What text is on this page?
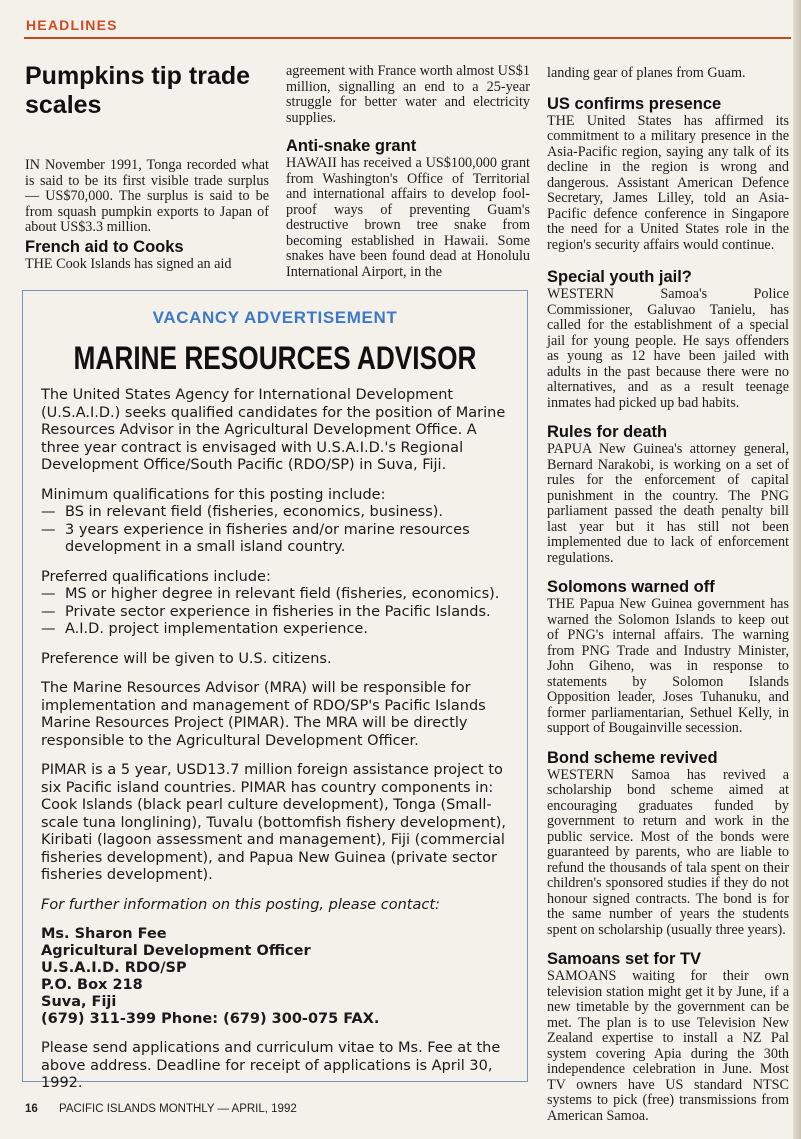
HEADLINES
Pumpkins tip trade scales

IN November 1991, Tonga recorded what is said to be its first visible trade surplus — US$70,000. The surplus is said to be from squash pumpkin exports to Japan of about US$3.3 million.

French aid to Cooks

THE Cook Islands has signed an aid

agreement with France worth almost US$1 million, signalling an end to a 25-year struggle for better water and electricity supplies.

Anti-snake grant

HAWAII has received a US$100,000 grant from Washington's Office of Territorial and international affairs to develop fool-proof ways of preventing Guam's destructive brown tree snake from becoming established in Hawaii. Some snakes have been found dead at Honolulu International Airport, in the

landing gear of planes from Guam.

US confirms presence

THE United States has affirmed its commitment to a military presence in the Asia-Pacific region, saying any talk of its decline in the region is wrong and dangerous. Assistant American Defence Secretary, James Lilley, told an Asia-Pacific defence conference in Singapore the need for a United States role in the region's security affairs would continue.

Special youth jail?

WESTERN Samoa's Police Commissioner, Galuvao Tanielu, has called for the establishment of a special jail for young people. He says offenders as young as 12 have been jailed with adults in the past because there were no alternatives, and as a result teenage inmates had picked up bad habits.

Rules for death

PAPUA New Guinea's attorney general, Bernard Narakobi, is working on a set of rules for the enforcement of capital punishment in the country. The PNG parliament passed the death penalty bill last year but it has still not been implemented due to lack of enforcement regulations.

Solomons warned off

THE Papua New Guinea government has warned the Solomon Islands to keep out of PNG's internal affairs. The warning from PNG Trade and Industry Minister, John Giheno, was in response to statements by Solomon Islands Opposition leader, Joses Tuhanuku, and former parliamentarian, Sethuel Kelly, in support of Bougainville secession.

Bond scheme revived

WESTERN Samoa has revived a scholarship bond scheme aimed at encouraging graduates funded by government to return and work in the public service. Most of the bonds were guaranteed by parents, who are liable to refund the thousands of tala spent on their children's sponsored studies if they do not honour signed contracts. The bond is for the same number of years the students spent on scholarship (usually three years).

Samoans set for TV

SAMOANS waiting for their own television station might get it by June, if a new timetable by the government can be met. The plan is to use Television New Zealand expertise to install a NZ Pal system covering Apia during the 30th independence celebration in June. Most TV owners have US standard NTSC systems to pick (free) transmissions from American Samoa.

VACANCY ADVERTISEMENT
MARINE RESOURCES ADVISOR

The United States Agency for International Development (U.S.A.I.D.) seeks qualified candidates for the position of Marine Resources Advisor in the Agricultural Development Office. A three year contract is envisaged with U.S.A.I.D.'s Regional Development Office/South Pacific (RDO/SP) in Suva, Fiji.

Minimum qualifications for this posting include:
— BS in relevant field (fisheries, economics, business).
— 3 years experience in fisheries and/or marine resources development in a small island country.
Preferred qualifications include:
— MS or higher degree in relevant field (fisheries, economics).
— Private sector experience in fisheries in the Pacific Islands.
— A.I.D. project implementation experience.

Preference will be given to U.S. citizens.

The Marine Resources Advisor (MRA) will be responsible for implementation and management of RDO/SP's Pacific Islands Marine Resources Project (PIMAR). The MRA will be directly responsible to the Agricultural Development Officer.

PIMAR is a 5 year, USD13.7 million foreign assistance project to six Pacific island countries. PIMAR has country components in: Cook Islands (black pearl culture development), Tonga (Small-scale tuna longlining), Tuvalu (bottomfish fishery development), Kiribati (lagoon assessment and management), Fiji (commercial fisheries development), and Papua New Guinea (private sector fisheries development).

For further information on this posting, please contact:

Ms. Sharon Fee
Agricultural Development Officer
U.S.A.I.D. RDO/SP
P.O. Box 218
Suva, Fiji
(679) 311-399 Phone: (679) 300-075 FAX.

Please send applications and curriculum vitae to Ms. Fee at the above address. Deadline for receipt of applications is April 30, 1992.

16 PACIFIC ISLANDS MONTHLY — APRIL, 1992
